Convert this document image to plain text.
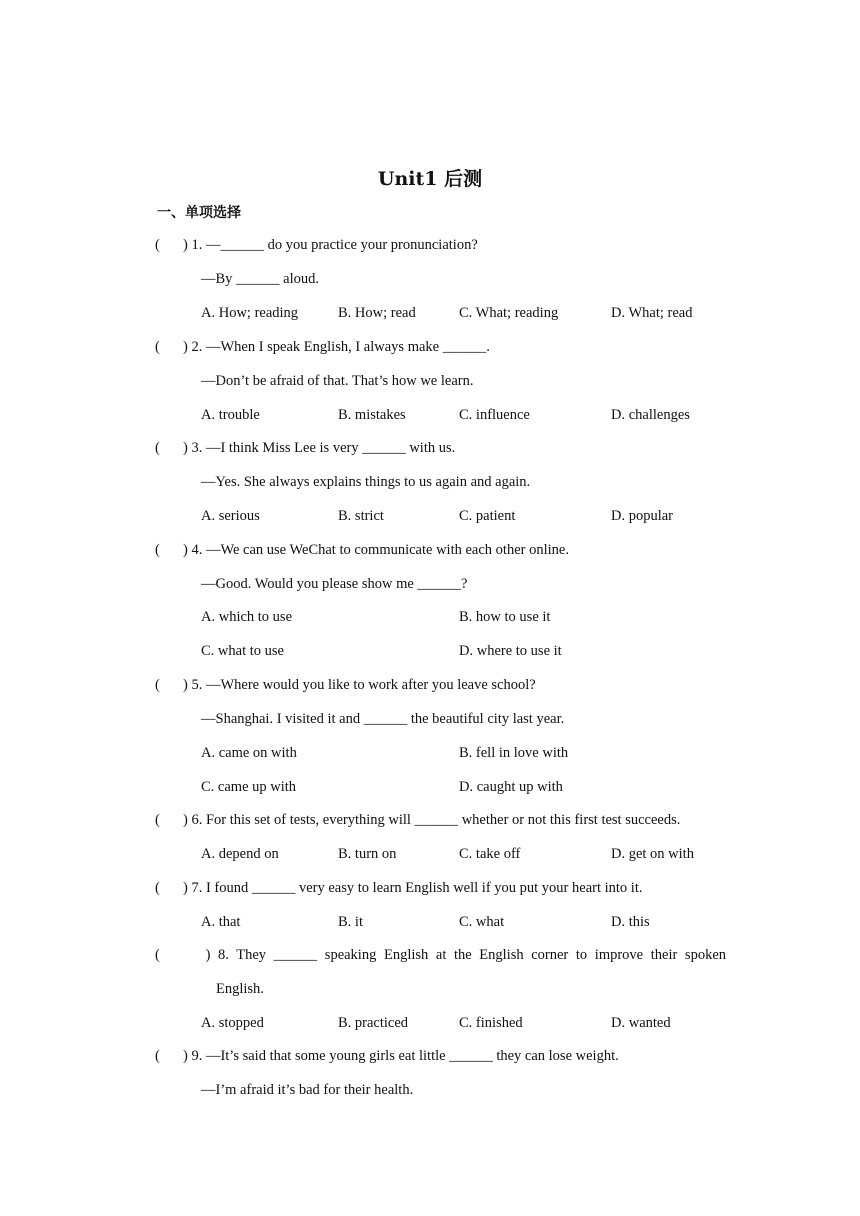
Unit1 后测
一、单项选择
( ) 1. —______ do you practice your pronunciation?
—By ______ aloud.
A. How; reading	B. How; read	C. What; reading	D. What; read
( ) 2. —When I speak English, I always make ______.
—Don’t be afraid of that. That’s how we learn.
A. trouble	B. mistakes	C. influence	D. challenges
( ) 3. —I think Miss Lee is very ______ with us.
—Yes. She always explains things to us again and again.
A. serious	B. strict	C. patient	D. popular
( ) 4. —We can use WeChat to communicate with each other online.
—Good. Would you please show me ______?
A. which to use	B. how to use it
C. what to use	D. where to use it
( ) 5. —Where would you like to work after you leave school?
—Shanghai. I visited it and ______ the beautiful city last year.
A. came on with	B. fell in love with
C. came up with	D. caught up with
( ) 6. For this set of tests, everything will ______ whether or not this first test succeeds.
A. depend on	B. turn on	C. take off	D. get on with
( ) 7. I found ______ very easy to learn English well if you put your heart into it.
A. that	B. it	C. what	D. this
(	) 8. They ______ speaking English at the English corner to improve their spoken
English.
A. stopped	B. practiced	C. finished	D. wanted
( ) 9. —It’s said that some young girls eat little ______ they can lose weight.
—I’m afraid it’s bad for their health.
